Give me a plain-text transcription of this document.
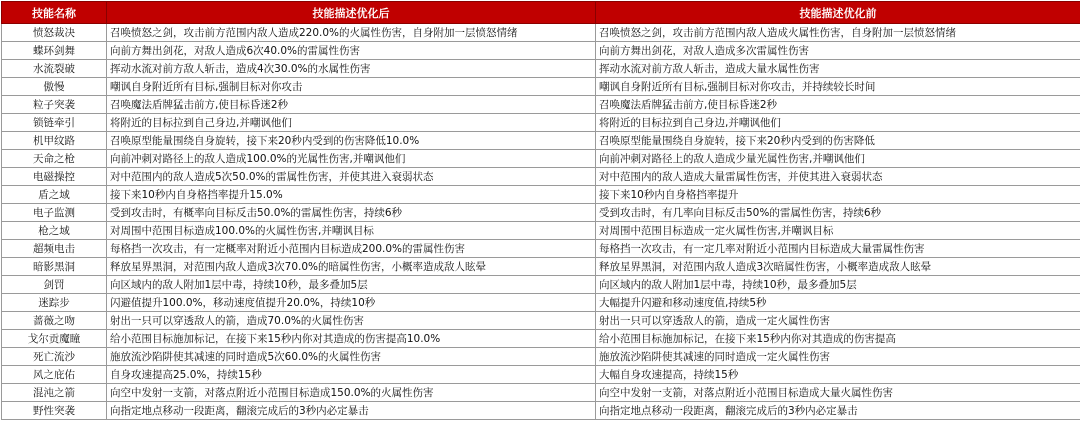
技能名称	技能描述优化后	技能描述优化前
愤怒裁决	召唤愤怒之剑，攻击前方范围内敌人造成220.0%的火属性伤害，自身附加一层愤怒情绪	召唤愤怒之剑，攻击前方范围内敌人造成火属性伤害，自身附加一层愤怒情绪
蝶环剑舞	向前方舞出剑花，对敌人造成6次40.0%的雷属性伤害	向前方舞出剑花，对敌人造成多次雷属性伤害
水流裂破	挥动水流对前方敌人斩击，造成4次30.0%的水属性伤害	挥动水流对前方敌人斩击，造成大量水属性伤害
傲慢	嘲讽自身附近所有目标,强制目标对你攻击	嘲讽自身附近所有目标,强制目标对你攻击，并持续较长时间
粒子突袭	召唤魔法盾牌猛击前方,使目标昏迷2秒	召唤魔法盾牌猛击前方,使目标昏迷2秒
锁链牵引	将附近的目标拉到自己身边,并嘲讽他们	将附近的目标拉到自己身边,并嘲讽他们
机甲纹路	召唤原型能量围绕自身旋转，接下来20秒内受到的伤害降低10.0%	召唤原型能量围绕自身旋转，接下来20秒内受到的伤害降低
天命之枪	向前冲刺对路径上的敌人造成100.0%的光属性伤害,并嘲讽他们	向前冲刺对路径上的敌人造成少量光属性伤害,并嘲讽他们
电磁操控	对中范围内的敌人造成5次50.0%的雷属性伤害，并使其进入衰弱状态	对中范围内的敌人造成大量雷属性伤害，并使其进入衰弱状态
盾之域	接下来10秒内自身格挡率提升15.0%	接下来10秒内自身格挡率提升
电子监测	受到攻击时，有概率向目标反击50.0%的雷属性伤害，持续6秒	受到攻击时，有几率向目标反击50%的雷属性伤害，持续6秒
枪之域	对周围中范围目标造成100.0%的火属性伤害,并嘲讽目标	对周围中范围目标造成一定火属性伤害,并嘲讽目标
超频电击	每格挡一次攻击，有一定概率对附近小范围内目标造成200.0%的雷属性伤害	每格挡一次攻击，有一定几率对附近小范围内目标造成大量雷属性伤害
暗影黑洞	释放星界黑洞，对范围内敌人造成3次70.0%的暗属性伤害，小概率造成敌人眩晕	释放星界黑洞，对范围内敌人造成3次暗属性伤害，小概率造成敌人眩晕
剑罚	向区域内的敌人附加1层中毒，持续10秒，最多叠加5层	向区域内的敌人附加1层中毒，持续10秒，最多叠加5层
迷踪步	闪避值提升100.0%，移动速度值提升20.0%，持续10秒	大幅提升闪避和移动速度值,持续5秒
蔷薇之吻	射出一只可以穿透敌人的箭，造成70.0%的火属性伤害	射出一只可以穿透敌人的箭，造成一定火属性伤害
戈尔贡魔瞳	给小范围目标施加标记，在接下来15秒内你对其造成的伤害提高10.0%	给小范围目标施加标记，在接下来15秒内你对其造成的伤害提高
死亡流沙	施放流沙陷阱使其减速的同时造成5次60.0%的火属性伤害	施放流沙陷阱使其减速的同时造成一定火属性伤害
风之庇佑	自身攻速提高25.0%，持续15秒	大幅自身攻速提高，持续15秒
混沌之箭	向空中发射一支箭，对落点附近小范围目标造成150.0%的火属性伤害	向空中发射一支箭，对落点附近小范围目标造成大量火属性伤害
野性突袭	向指定地点移动一段距离，翻滚完成后的3秒内必定暴击	向指定地点移动一段距离，翻滚完成后的3秒内必定暴击
